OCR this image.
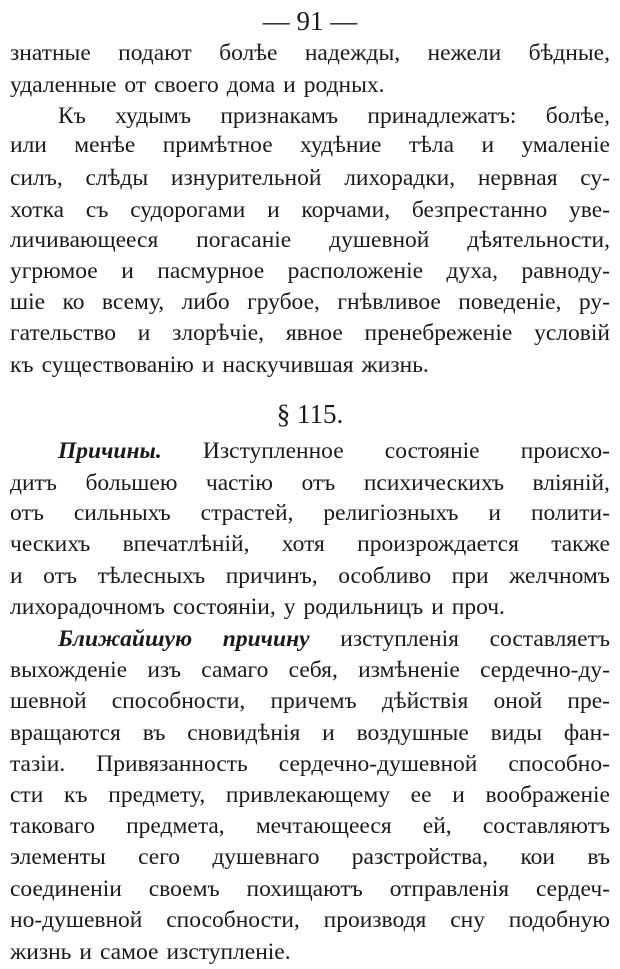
— 91 —
знатные подают болѣе надежды, нежели бѣдные,
удаленные от своего дома и родных.
Къ худымъ признакамъ принадлежатъ: болѣе,
или менѣе примѣтное худѣние тѣла и умаленіе
силъ, слѣды изнурительной лихорадки, нервная су-
хотка съ судорогами и корчами, безпрестанно уве-
личивающееся погасаніе душевной дѣятельности,
угрюмое и пасмурное расположеніе духа, равноду-
шіе ко всему, либо грубое, гнѣвливое поведеніе, ру-
гательство и злорѣчіе, явное пренебреженіе условій
къ существованію и наскучившая жизнь.
Причины. Изступленное состояніе происхо-
дитъ большею частію отъ психическихъ вліяній,
отъ сильныхъ страстей, религіозныхъ и полити-
ческихъ впечатлѣній, хотя произрождается также
и отъ тѣлесныхъ причинъ, особливо при желчномъ
лихорадочномъ состояніи, у родильницъ и проч.
Ближайшую причину изступленія составляетъ
выхожденіе изъ самаго себя, измѣненіе сердечно-ду-
шевной способности, причемъ дѣйствія оной пре-
вращаются въ сновидѣнія и воздушные виды фан-
тазіи. Привязанность сердечно-душевной способно-
сти къ предмету, привлекающему ее и воображеніе
таковаго предмета, мечтающееся ей, составляютъ
элементы сего душевнаго разстройства, кои въ
соединеніи своемъ похищаютъ отправленія сердеч-
но-душевной способности, производя сну подобную
жизнь и самое изступленіе.
§ 115.
